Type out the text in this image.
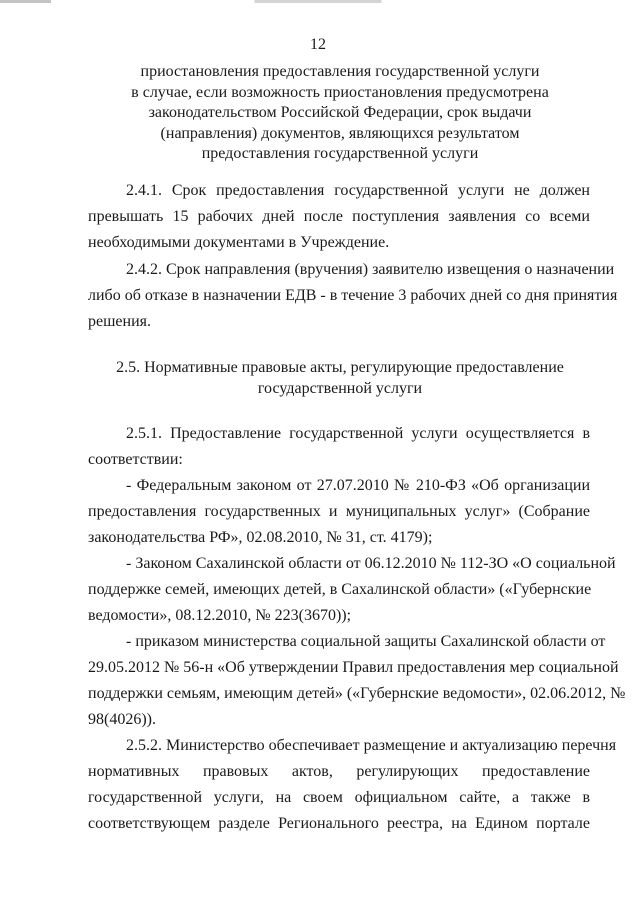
12
приостановления предоставления государственной услуги
в случае, если возможность приостановления предусмотрена
законодательством Российской Федерации, срок выдачи
(направления) документов, являющихся результатом
предоставления государственной услуги
2.4.1. Срок предоставления государственной услуги не должен
превышать 15 рабочих дней после поступления заявления со всеми
необходимыми документами в Учреждение.
2.4.2. Срок направления (вручения) заявителю извещения о назначении
либо об отказе в назначении ЕДВ - в течение 3 рабочих дней со дня принятия
решения.
2.5. Нормативные правовые акты, регулирующие предоставление
государственной услуги
2.5.1. Предоставление государственной услуги осуществляется в
соответствии:
- Федеральным законом от 27.07.2010 № 210-ФЗ «Об организации
предоставления государственных и муниципальных услуг» (Собрание
законодательства РФ», 02.08.2010, № 31, ст. 4179);
- Законом Сахалинской области от 06.12.2010 № 112-ЗО «О социальной
поддержке семей, имеющих детей, в Сахалинской области» («Губернские
ведомости», 08.12.2010, № 223(3670));
- приказом министерства социальной защиты Сахалинской области от
29.05.2012 № 56-н «Об утверждении Правил предоставления мер социальной
поддержки семьям, имеющим детей» («Губернские ведомости», 02.06.2012, №
98(4026)).
2.5.2. Министерство обеспечивает размещение и актуализацию перечня
нормативных правовых актов, регулирующих предоставление
государственной услуги, на своем официальном сайте, а также в
соответствующем разделе Регионального реестра, на Едином портале
